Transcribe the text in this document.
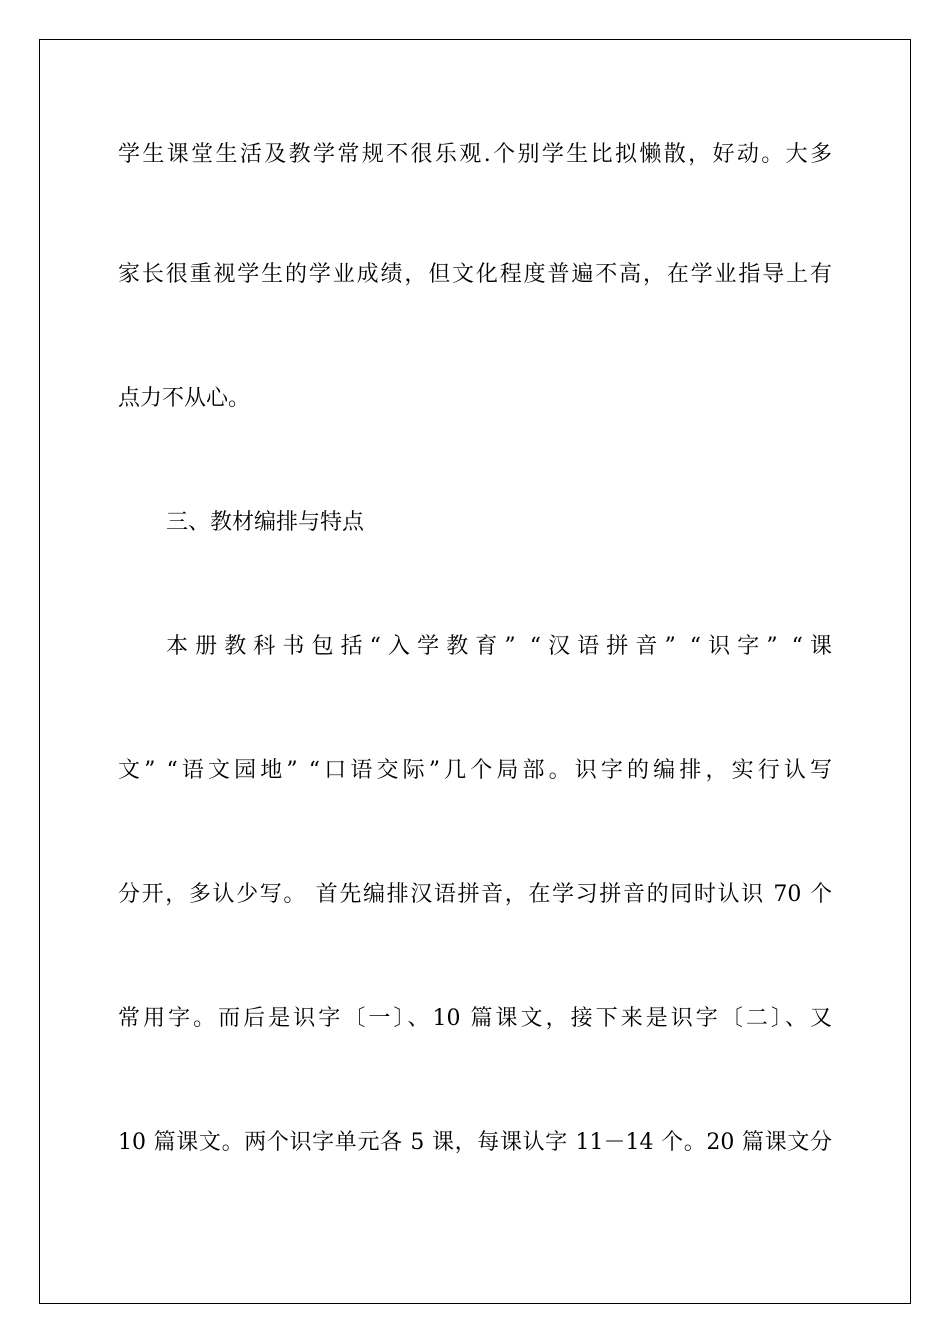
学生课堂生活及教学常规不很乐观.个别学生比拟懒散，好动。大多
家长很重视学生的学业成绩，但文化程度普遍不高，在学业指导上有
点力不从心。
三、教材编排与特点
本册教科书包括“入学教育” “汉语拼音” “识字” “课
文” “语文园地” “口语交际”几个局部。识字的编排，实行认写
分开，多认少写。 首先编排汉语拼音，在学习拼音的同时认识 70 个
常用字。而后是识字〔一〕、10 篇课文，接下来是识字〔二〕、又
10 篇课文。两个识字单元各 5 课，每课认字 11－14 个。20 篇课文分
